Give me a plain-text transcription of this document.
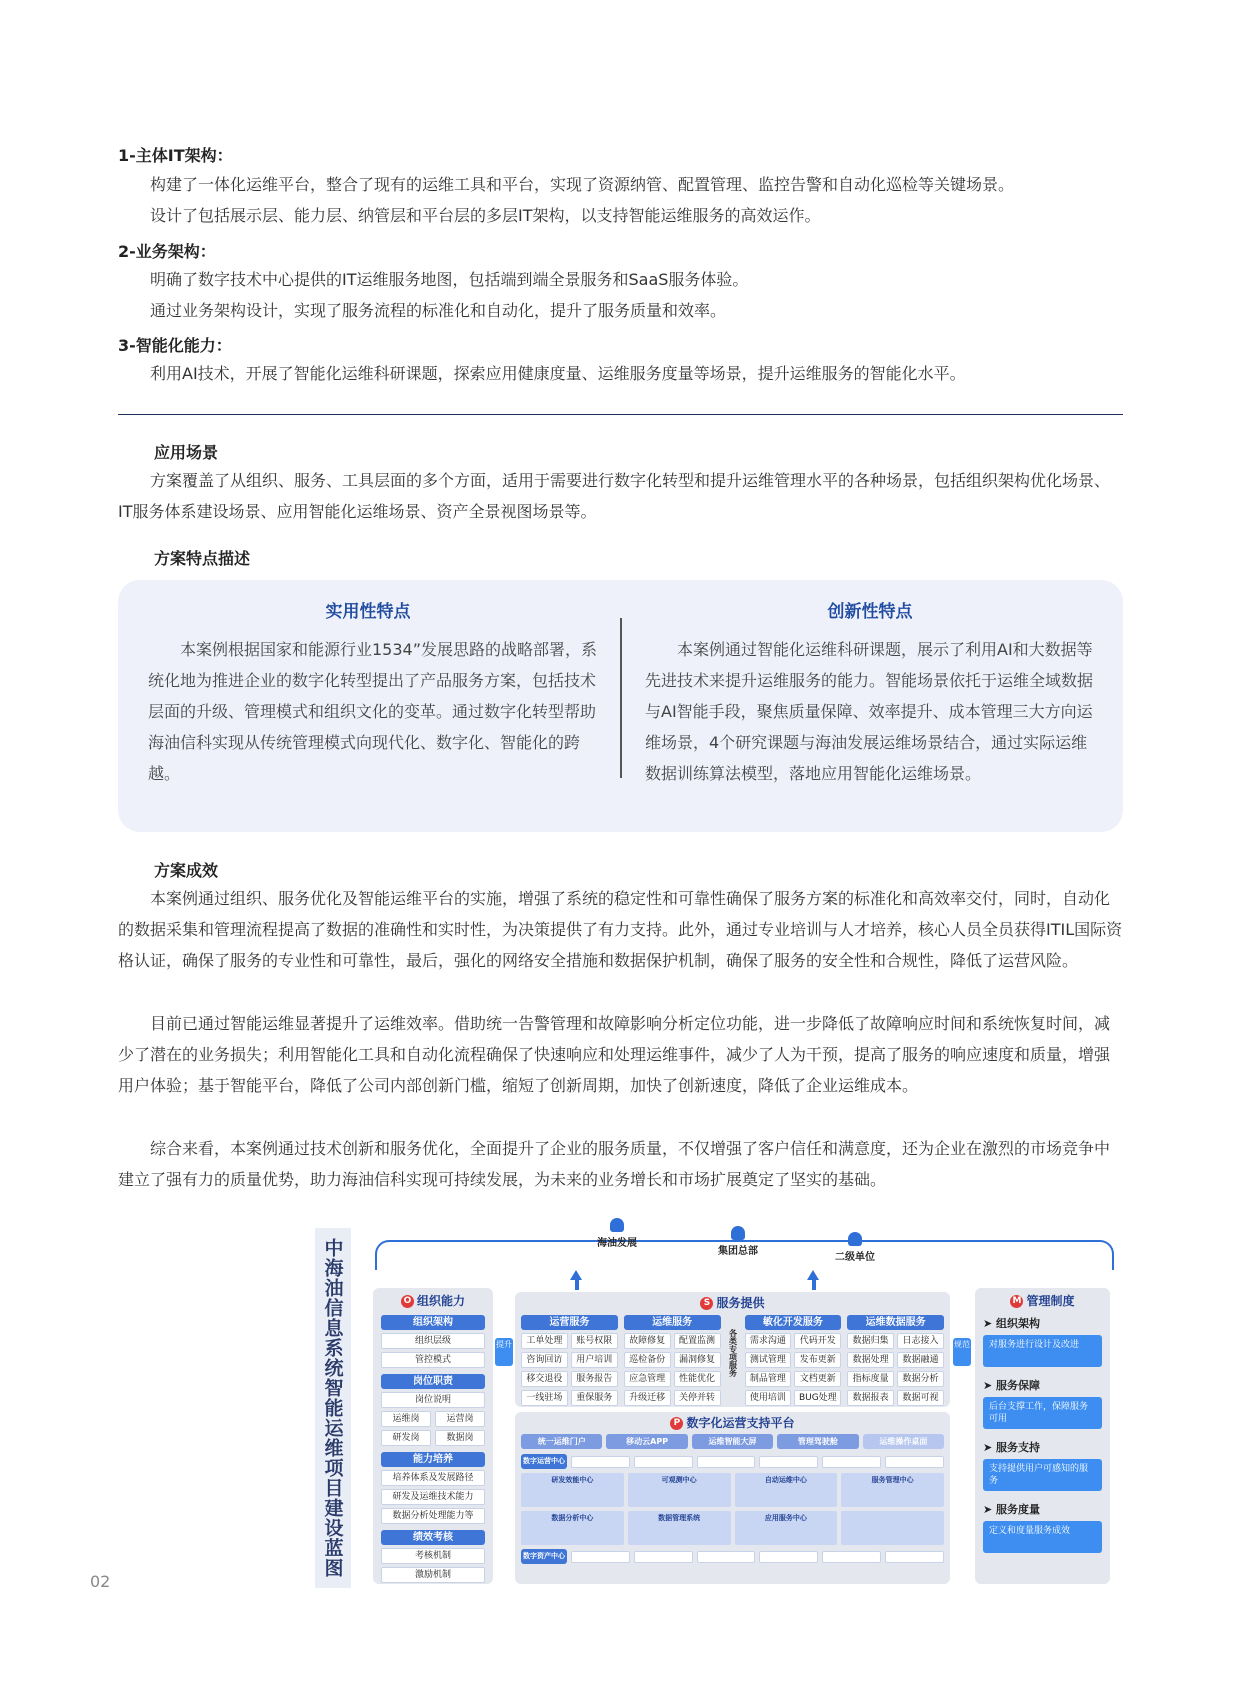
1-主体IT架构：
构建了一体化运维平台，整合了现有的运维工具和平台，实现了资源纳管、配置管理、监控告警和自动化巡检等关键场景。
设计了包括展示层、能力层、纳管层和平台层的多层IT架构，以支持智能运维服务的高效运作。
2-业务架构：
明确了数字技术中心提供的IT运维服务地图，包括端到端全景服务和SaaS服务体验。
通过业务架构设计，实现了服务流程的标准化和自动化，提升了服务质量和效率。
3-智能化能力：
利用AI技术，开展了智能化运维科研课题，探索应用健康度量、运维服务度量等场景，提升运维服务的智能化水平。
应用场景
方案覆盖了从组织、服务、工具层面的多个方面，适用于需要进行数字化转型和提升运维管理水平的各种场景，包括组织架构优化场景、IT服务体系建设场景、应用智能化运维场景、资产全景视图场景等。
方案特点描述
实用性特点
本案例根据国家和能源行业1534”发展思路的战略部署，系统化地为推进企业的数字化转型提出了产品服务方案，包括技术层面的升级、管理模式和组织文化的变革。通过数字化转型帮助海油信科实现从传统管理模式向现代化、数字化、智能化的跨越。
创新性特点
本案例通过智能化运维科研课题，展示了利用AI和大数据等先进技术来提升运维服务的能力。智能场景依托于运维全域数据与AI智能手段，聚焦质量保障、效率提升、成本管理三大方向运维场景，4个研究课题与海油发展运维场景结合，通过实际运维数据训练算法模型，落地应用智能化运维场景。
方案成效
本案例通过组织、服务优化及智能运维平台的实施，增强了系统的稳定性和可靠性确保了服务方案的标准化和高效率交付，同时，自动化的数据采集和管理流程提高了数据的准确性和实时性，为决策提供了有力支持。此外，通过专业培训与人才培养，核心人员全员获得ITIL国际资格认证，确保了服务的专业性和可靠性，最后，强化的网络安全措施和数据保护机制，确保了服务的安全性和合规性，降低了运营风险。
目前已通过智能运维显著提升了运维效率。借助统一告警管理和故障影响分析定位功能，进一步降低了故障响应时间和系统恢复时间，减少了潜在的业务损失；利用智能化工具和自动化流程确保了快速响应和处理运维事件，减少了人为干预，提高了服务的响应速度和质量，增强用户体验；基于智能平台，降低了公司内部创新门槛，缩短了创新周期，加快了创新速度，降低了企业运维成本。
综合来看，本案例通过技术创新和服务优化，全面提升了企业的服务质量，不仅增强了客户信任和满意度，还为企业在激烈的市场竞争中建立了强有力的质量优势，助力海油信科实现可持续发展，为未来的业务增长和市场扩展奠定了坚实的基础。
中海油信息系统智能运维项目建设蓝图	海油发展
集团总部
二级单位
O 组织能力
组织架构
组织层级
管控模式
岗位职责
岗位说明
运维岗	运营岗
研发岗	数据岗
能力培养
培养体系及发展路径
研发及运维技术能力
数据分析处理能力等
绩效考核
考核机制
激励机制
提升
S 服务提供
运营服务
工单处理	账号权限
咨询回访	用户培训
移交退役	服务报告
一线驻场	重保服务
运维服务
故障修复	配置监测
巡检备份	漏洞修复
应急管理	性能优化
升级迁移	关停并转
各类专项服务
敏化开发服务
需求沟通	代码开发
测试管理	发布更新
制品管理	文档更新
使用培训	BUG处理
运维数据服务
数据归集	日志接入
数据处理	数据融通
指标度量	数据分析
数据报表	数据可视
P 数字化运营支持平台
统一运维门户	移动云APP	运维智能大屏	管理驾驶舱	运维操作桌面
数字运营中心
研发效能中心	可观测中心	自动运维中心	服务管理中心
数据分析中心	数据管理系统	应用服务中心
数字资产中心
规范
M 管理制度
➤ 组织架构
对服务进行设计及改进
➤ 服务保障
后台支撑工作，保障服务可用
➤ 服务支持
支持提供用户可感知的服务
➤ 服务度量
定义和度量服务成效
02
